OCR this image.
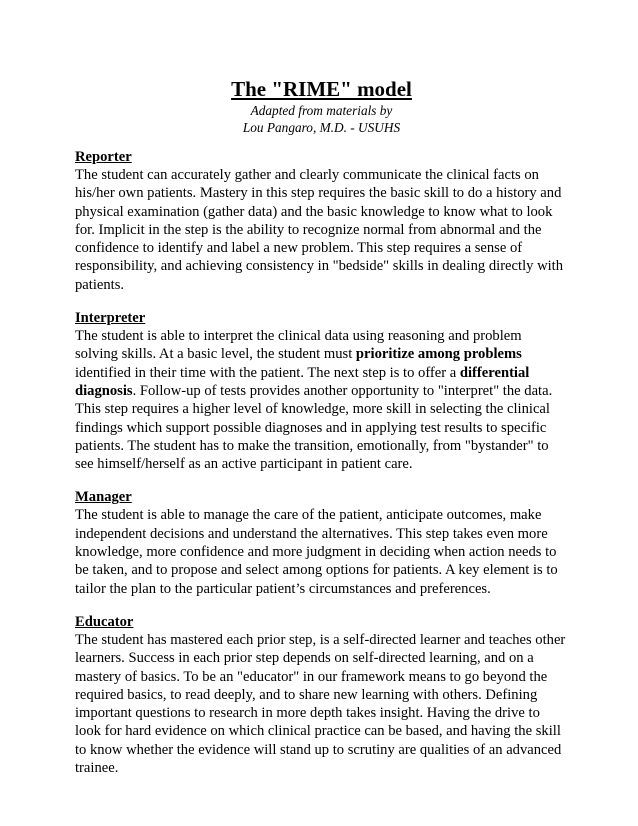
The "RIME" model

Adapted from materials by

Lou Pangaro, M.D. - USUHS

Reporter

The student can accurately gather and clearly communicate the clinical facts on his/her own patients. Mastery in this step requires the basic skill to do a history and physical examination (gather data) and the basic knowledge to know what to look for. Implicit in the step is the ability to recognize normal from abnormal and the confidence to identify and label a new problem. This step requires a sense of responsibility, and achieving consistency in "bedside" skills in dealing directly with patients.

Interpreter

The student is able to interpret the clinical data using reasoning and problem solving skills. At a basic level, the student must prioritize among problems identified in their time with the patient. The next step is to offer a differential diagnosis. Follow-up of tests provides another opportunity to "interpret" the data. This step requires a higher level of knowledge, more skill in selecting the clinical findings which support possible diagnoses and in applying test results to specific patients. The student has to make the transition, emotionally, from "bystander" to see himself/herself as an active participant in patient care.

Manager

The student is able to manage the care of the patient, anticipate outcomes, make independent decisions and understand the alternatives. This step takes even more knowledge, more confidence and more judgment in deciding when action needs to be taken, and to propose and select among options for patients. A key element is to tailor the plan to the particular patient’s circumstances and preferences.

Educator

The student has mastered each prior step, is a self-directed learner and teaches other learners. Success in each prior step depends on self-directed learning, and on a mastery of basics. To be an "educator" in our framework means to go beyond the required basics, to read deeply, and to share new learning with others. Defining important questions to research in more depth takes insight. Having the drive to look for hard evidence on which clinical practice can be based, and having the skill to know whether the evidence will stand up to scrutiny are qualities of an advanced trainee.
